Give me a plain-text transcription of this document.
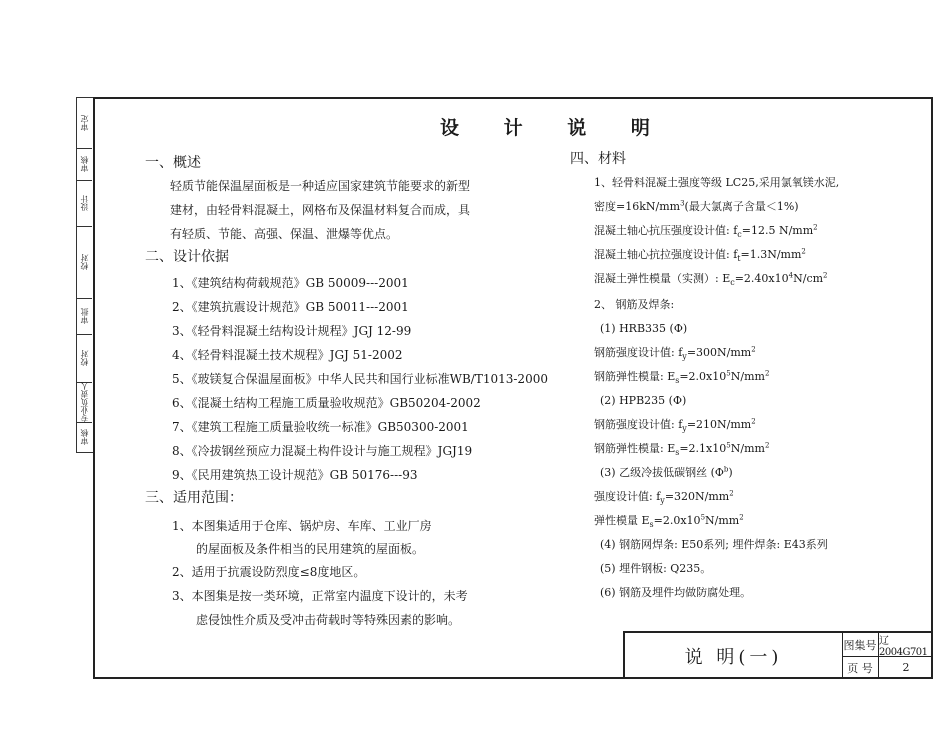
审定
审核
设计
校对
审批
校对
专业负责人
审核
设 计 说 明
一、概述
轻质节能保温屋面板是一种适应国家建筑节能要求的新型
建材，由轻骨料混凝土，网格布及保温材料复合而成，具
有轻质、节能、高强、保温、泄爆等优点。
二、设计依据
1、《建筑结构荷载规范》GB 50009---2001
2、《建筑抗震设计规范》GB 50011---2001
3、《轻骨料混凝土结构设计规程》JGJ 12-99
4、《轻骨料混凝土技术规程》JGJ 51-2002
5、《玻镁复合保温屋面板》中华人民共和国行业标准WB/T1013-2000
6、《混凝土结构工程施工质量验收规范》GB50204-2002
7、《建筑工程施工质量验收统一标准》GB50300-2001
8、《冷拔钢丝预应力混凝土构件设计与施工规程》JGJ19
9、《民用建筑热工设计规范》GB 50176---93
三、适用范围：
1、本图集适用于仓库、锅炉房、车库、工业厂房
的屋面板及条件相当的民用建筑的屋面板。
2、适用于抗震设防烈度≤8度地区。
3、本图集是按一类环境，正常室内温度下设计的，未考
虑侵蚀性介质及受冲击荷载时等特殊因素的影响。
四、材料
1、轻骨料混凝土强度等级 LC25,采用氯氧镁水泥,
密度$=16kN/mm^3$(最大氯离子含量＜1%)
混凝土轴心抗压强度设计值: $f_c=12.5$ $N/mm^2$
混凝土轴心抗拉强度设计值: $f_t=1.3N/mm^2$
混凝土弹性模量（实测）: $E_c=2.40x10^4N/cm^2$
2、 钢筋及焊条:
(1) HRB335 (Φ)
钢筋强度设计值: $f_y=300N/mm^2$
钢筋弹性模量: $E_s=2.0x10^5N/mm^2$
(2) HPB235 (Φ)
钢筋强度设计值: $f_y=210N/mm^2$
钢筋弹性模量: $E_s=2.1x10^5N/mm^2$
(3) 乙级冷拔低碳钢丝 $(\Phi^b)$
强度设计值: $f_y=320N/mm^2$
弹性模量 $E_s=2.0x10^5N/mm^2$
(4) 钢筋网焊条: E50系列; 埋件焊条: E43系列
(5) 埋件钢板: Q235。
(6) 钢筋及埋件均做防腐处理。
说 明(一)
图集号 辽2004G701
页 号	2
